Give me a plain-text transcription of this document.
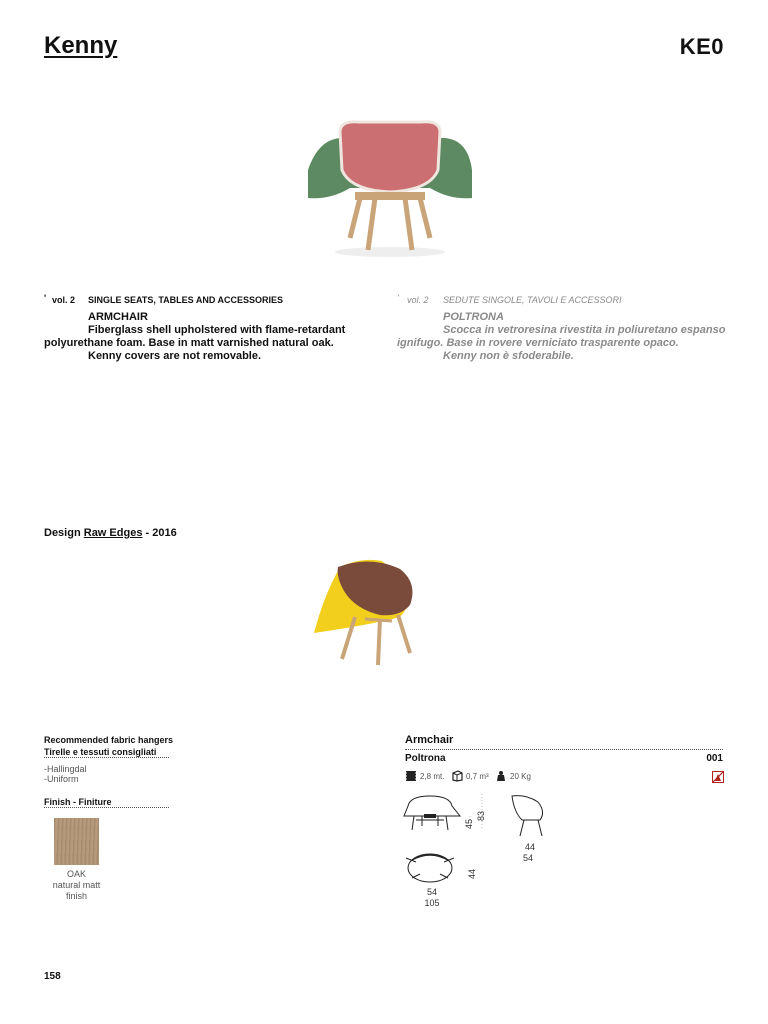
Kenny	KE0
' vol. 2 SINGLE SEATS, TABLES AND ACCESSORIES
ARMCHAIR
Fiberglass shell upholstered with flame-retardant
polyurethane foam. Base in matt varnished natural oak.
Kenny covers are not removable.
' vol. 2 SEDUTE SINGOLE, TAVOLI E ACCESSORI
POLTRONA
Scocca in vetroresina rivestita in poliuretano espanso
ignifugo. Base in rovere verniciato trasparente opaco.
Kenny non è sfoderabile.
Design Raw Edges - 2016
Recommended fabric hangers
Tirelle e tessuti consigliati
-Hallingdal
-Uniform
Finish - Finiture
OAK
natural matt
finish
Armchair
Poltrona	001
2,8 mt.	0,7 m³	20 Kg
45
83
44
54
44
54
105
158
